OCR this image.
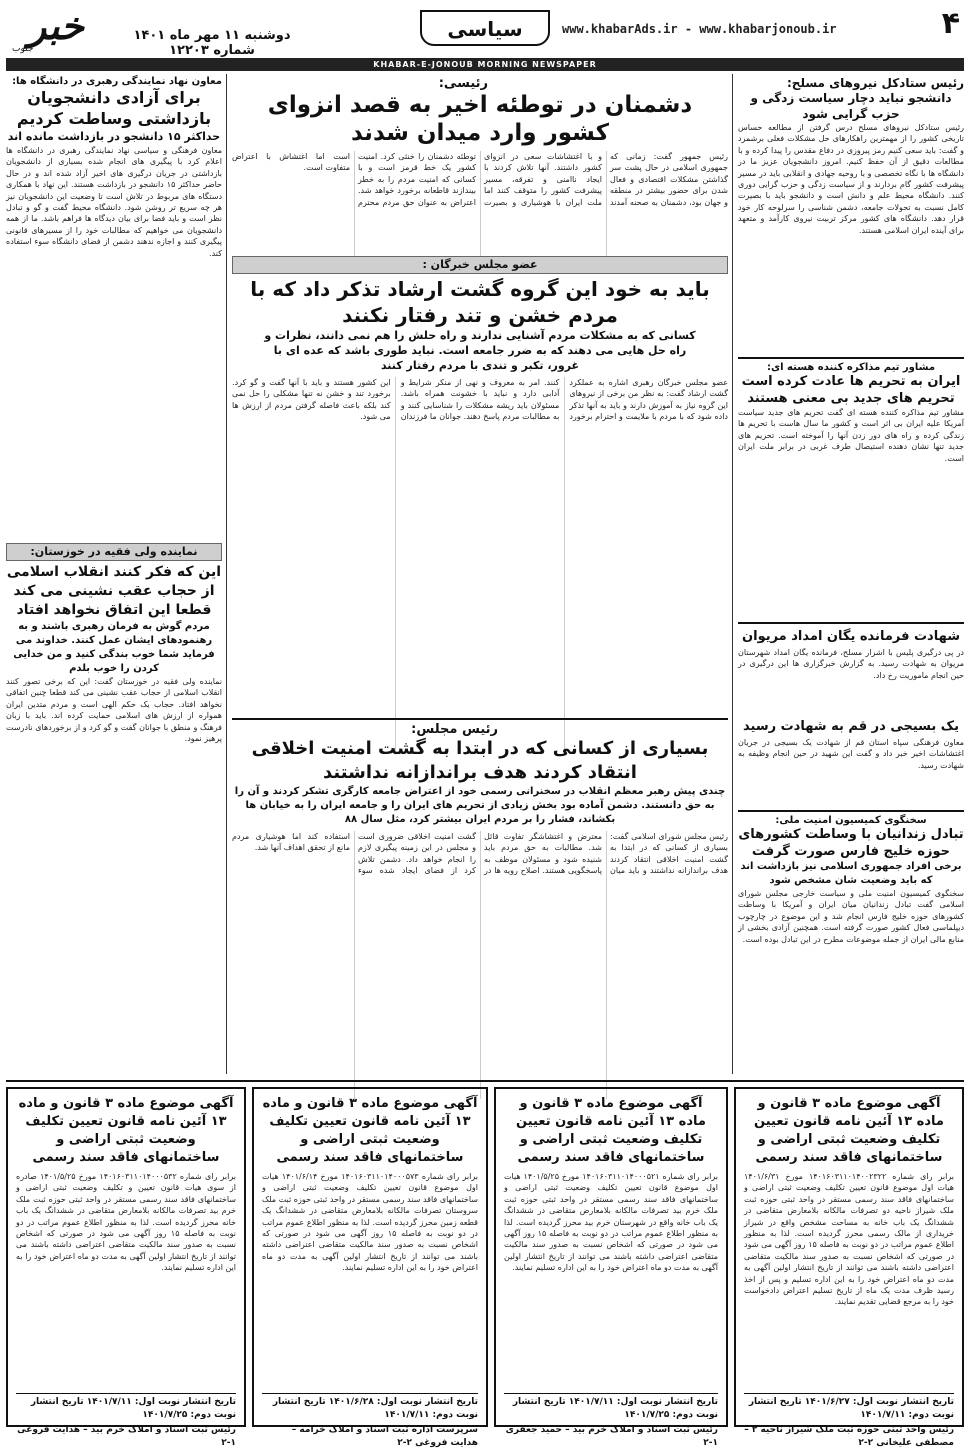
۴
www.khabarAds.ir - www.khabarjonoub.ir
سیاسی
دوشنبه ۱۱ مهر ماه ۱۴۰۱ شماره ۱۲۲۰۳
خبر
جنوب
KHABAR-E-JONOUB MORNING NEWSPAPER
رئیس ستادکل نیروهای مسلح:
دانشجو نباید دچار سیاست زدگی و حزب گرایی شود
رئیس ستادکل نیروهای مسلح درس گرفتن از مطالعه حساس تاریخی کشور را از مهمترین راهکارهای حل مشکلات فعلی برشمرد و گفت: باید سعی کنیم رمز پیروزی در دفاع مقدس را پیدا کرده و با مطالعات دقیق از آن حفظ کنیم. امروز دانشجویان عزیز ما در دانشگاه ها با نگاه تخصصی و با روحیه جهادی و انقلابی باید در مسیر پیشرفت کشور گام بردارند و از سیاست زدگی و حزب گرایی دوری کنند. دانشگاه محیط علم و دانش است و دانشجو باید با بصیرت کامل نسبت به تحولات جامعه، دشمن شناسی را سرلوحه کار خود قرار دهد. دانشگاه های کشور مرکز تربیت نیروی کارآمد و متعهد برای آینده ایران اسلامی هستند.
مشاور تیم مذاکره کننده هسته ای:
ایران به تحریم ها عادت کرده است تحریم های جدید بی معنی هستند
مشاور تیم مذاکره کننده هسته ای گفت تحریم های جدید سیاست آمریکا علیه ایران بی اثر است و کشور ما سال هاست با تحریم ها زندگی کرده و راه های دور زدن آنها را آموخته است. تحریم های جدید تنها نشان دهنده استیصال طرف غربی در برابر ملت ایران است.
شهادت فرمانده یگان امداد مریوان
در پی درگیری پلیس با اشرار مسلح، فرمانده یگان امداد شهرستان مریوان به شهادت رسید. به گزارش خبرگزاری ها این درگیری در حین انجام ماموریت رخ داد.
یک بسیجی در قم به شهادت رسید
معاون فرهنگی سپاه استان قم از شهادت یک بسیجی در جریان اغتشاشات اخیر خبر داد و گفت این شهید در حین انجام وظیفه به شهادت رسید.
سخنگوی کمیسیون امنیت ملی:
تبادل زندانیان با وساطت کشورهای حوزه خلیج فارس صورت گرفت
برخی افراد جمهوری اسلامی نیز بازداشت اند که باید وضعیت شان مشخص شود
سخنگوی کمیسیون امنیت ملی و سیاست خارجی مجلس شورای اسلامی گفت تبادل زندانیان میان ایران و آمریکا با وساطت کشورهای حوزه خلیج فارس انجام شد و این موضوع در چارچوب دیپلماسی فعال کشور صورت گرفته است. همچنین آزادی بخشی از منابع مالی ایران از جمله موضوعات مطرح در این تبادل بوده است.
رئیسی:
دشمنان در توطئه اخیر به قصد انزوای کشور وارد میدان شدند
رئیس جمهور گفت: زمانی که جمهوری اسلامی در حال پشت سر گذاشتن مشکلات اقتصادی و فعال شدن برای حضور بیشتر در منطقه و جهان بود، دشمنان به صحنه آمدند و با اغتشاشات سعی در انزوای کشور داشتند. آنها تلاش کردند با ایجاد ناامنی و تفرقه، مسیر پیشرفت کشور را متوقف کنند اما ملت ایران با هوشیاری و بصیرت توطئه دشمنان را خنثی کرد. امنیت کشور یک خط قرمز است و با کسانی که امنیت مردم را به خطر بیندازند قاطعانه برخورد خواهد شد. اعتراض به عنوان حق مردم محترم است اما اغتشاش با اعتراض متفاوت است.
عضو مجلس خبرگان :
باید به خود این گروه گشت ارشاد تذکر داد که با مردم خشن و تند رفتار نکنند
کسانی که به مشکلات مردم آشنایی ندارند و راه حلش را هم نمی دانند، نظرات و راه حل هایی می دهند که به ضرر جامعه است. نباید طوری باشد که عده ای با غرور، تکبر و تندی با مردم رفتار کنند
عضو مجلس خبرگان رهبری اشاره به عملکرد گشت ارشاد گفت: به نظر من برخی از نیروهای این گروه نیاز به آموزش دارند و باید به آنها تذکر داده شود که با مردم با ملایمت و احترام برخورد کنند. امر به معروف و نهی از منکر شرایط و آدابی دارد و نباید با خشونت همراه باشد. مسئولان باید ریشه مشکلات را شناسایی کنند و به مطالبات مردم پاسخ دهند. جوانان ما فرزندان این کشور هستند و باید با آنها گفت و گو کرد. برخورد تند و خشن نه تنها مشکلی را حل نمی کند بلکه باعث فاصله گرفتن مردم از ارزش ها می شود.
رئیس مجلس:
بسیاری از کسانی که در ابتدا به گشت امنیت اخلاقی انتقاد کردند هدف براندازانه نداشتند
چندی پیش رهبر معظم انقلاب در سخنرانی رسمی خود از اعتراض جامعه کارگری تشکر کردند و آن را به حق دانستند. دشمن آماده بود بخش زیادی از تحریم های ایران را و جامعه ایران را به خیابان ها بکشاند، فشار را بر مردم ایران بیشتر کرد، مثل سال ۸۸
رئیس مجلس شورای اسلامی گفت: بسیاری از کسانی که در ابتدا به گشت امنیت اخلاقی انتقاد کردند هدف براندازانه نداشتند و باید میان معترض و اغتشاشگر تفاوت قائل شد. مطالبات به حق مردم باید شنیده شود و مسئولان موظف به پاسخگویی هستند. اصلاح رویه ها در گشت امنیت اخلاقی ضروری است و مجلس در این زمینه پیگیری لازم را انجام خواهد داد. دشمن تلاش کرد از فضای ایجاد شده سوء استفاده کند اما هوشیاری مردم مانع از تحقق اهداف آنها شد.
معاون نهاد نمایندگی رهبری در دانشگاه ها:
برای آزادی دانشجویان بازداشتی وساطت کردیم
حداکثر ۱۵ دانشجو در بازداشت مانده اند
معاون فرهنگی و سیاسی نهاد نمایندگی رهبری در دانشگاه ها اعلام کرد با پیگیری های انجام شده بسیاری از دانشجویان بازداشتی در جریان درگیری های اخیر آزاد شده اند و در حال حاضر حداکثر ۱۵ دانشجو در بازداشت هستند. این نهاد با همکاری دستگاه های مربوط در تلاش است تا وضعیت این دانشجویان نیز هر چه سریع تر روشن شود. دانشگاه محیط گفت و گو و تبادل نظر است و باید فضا برای بیان دیدگاه ها فراهم باشد. ما از همه دانشجویان می خواهیم که مطالبات خود را از مسیرهای قانونی پیگیری کنند و اجازه ندهند دشمن از فضای دانشگاه سوء استفاده کند.
نماینده ولی فقیه در خوزستان:
این که فکر کنند انقلاب اسلامی از حجاب عقب نشینی می کند قطعا این اتفاق نخواهد افتاد
مردم گوش به فرمان رهبری باشند و به رهنمودهای ایشان عمل کنند. خداوند می فرماید شما خوب بندگی کنید و من خدایی کردن را خوب بلدم
نماینده ولی فقیه در خوزستان گفت: این که برخی تصور کنند انقلاب اسلامی از حجاب عقب نشینی می کند قطعا چنین اتفاقی نخواهد افتاد. حجاب یک حکم الهی است و مردم متدین ایران همواره از ارزش های اسلامی حمایت کرده اند. باید با زبان فرهنگ و منطق با جوانان گفت و گو کرد و از برخوردهای نادرست پرهیز نمود.
آگهی موضوع ماده ۳ قانون و ماده ۱۳ آئین نامه قانون تعیین تکلیف وضعیت ثبتی اراضی و ساختمانهای فاقد سند رسمی
برابر رای شماره ۱۴۰۱۶۰۳۱۱۰۱۴۰۰۲۳۲۲ مورخ ۱۴۰۱/۶/۳۱ هیات اول موضوع قانون تعیین تکلیف وضعیت ثبتی اراضی و ساختمانهای فاقد سند رسمی مستقر در واحد ثبتی حوزه ثبت ملک شیراز ناحیه دو تصرفات مالکانه بلامعارض متقاضی در ششدانگ یک باب خانه به مساحت مشخص واقع در شیراز خریداری از مالک رسمی محرز گردیده است. لذا به منظور اطلاع عموم مراتب در دو نوبت به فاصله ۱۵ روز آگهی می شود در صورتی که اشخاص نسبت به صدور سند مالکیت متقاضی اعتراضی داشته باشند می توانند از تاریخ انتشار اولین آگهی به مدت دو ماه اعتراض خود را به این اداره تسلیم و پس از اخذ رسید ظرف مدت یک ماه از تاریخ تسلیم اعتراض دادخواست خود را به مرجع قضایی تقدیم نمایند.
تاریخ انتشار نوبت اول: ۱۴۰۱/۶/۲۷ تاریخ انتشار نوبت دوم: ۱۴۰۱/۷/۱۱
رئیس واحد ثبتی حوزه ثبت ملک شیراز ناحیه ۲ – مصطفی علیخانی ۲-۲
آگهی موضوع ماده ۳ قانون و ماده ۱۳ آئین نامه قانون تعیین تکلیف وضعیت ثبتی اراضی و ساختمانهای فاقد سند رسمی
برابر رای شماره ۱۴۰۱۶۰۳۱۱۰۱۴۰۰۰۵۲۱ مورخ ۱۴۰۱/۵/۲۵ هیات اول موضوع قانون تعیین تکلیف وضعیت ثبتی اراضی و ساختمانهای فاقد سند رسمی مستقر در واحد ثبتی حوزه ثبت ملک خرم بید تصرفات مالکانه بلامعارض متقاضی در ششدانگ یک باب خانه واقع در شهرستان خرم بید محرز گردیده است. لذا به منظور اطلاع عموم مراتب در دو نوبت به فاصله ۱۵ روز آگهی می شود در صورتی که اشخاص نسبت به صدور سند مالکیت متقاضی اعتراضی داشته باشند می توانند از تاریخ انتشار اولین آگهی به مدت دو ماه اعتراض خود را به این اداره تسلیم نمایند.
تاریخ انتشار نوبت اول: ۱۴۰۱/۷/۱۱ تاریخ انتشار نوبت دوم: ۱۴۰۱/۷/۲۵
رئیس ثبت اسناد و املاک خرم بید – حمید جعفری ۱-۲
آگهی موضوع ماده ۳ قانون و ماده ۱۳ آئین نامه قانون تعیین تکلیف وضعیت ثبتی اراضی و ساختمانهای فاقد سند رسمی
برابر رای شماره ۱۴۰۱۶۰۳۱۱۰۱۴۰۰۰۵۷۳ مورخ ۱۴۰۱/۶/۱۴ هیات اول موضوع قانون تعیین تکلیف وضعیت ثبتی اراضی و ساختمانهای فاقد سند رسمی مستقر در واحد ثبتی حوزه ثبت ملک سروستان تصرفات مالکانه بلامعارض متقاضی در ششدانگ یک قطعه زمین محرز گردیده است. لذا به منظور اطلاع عموم مراتب در دو نوبت به فاصله ۱۵ روز آگهی می شود در صورتی که اشخاص نسبت به صدور سند مالکیت متقاضی اعتراضی داشته باشند می توانند از تاریخ انتشار اولین آگهی به مدت دو ماه اعتراض خود را به این اداره تسلیم نمایند.
تاریخ انتشار نوبت اول: ۱۴۰۱/۶/۲۸ تاریخ انتشار نوبت دوم: ۱۴۰۱/۷/۱۱
سرپرست اداره ثبت اسناد و املاک خرامه – هدایت فروغی ۲-۲
آگهی موضوع ماده ۳ قانون و ماده ۱۳ آئین نامه قانون تعیین تکلیف وضعیت ثبتی اراضی و ساختمانهای فاقد سند رسمی
برابر رای شماره ۱۴۰۱۶۰۳۱۱۰۱۴۰۰۰۵۳۲ مورخ ۱۴۰۱/۵/۲۵ صادره از سوی هیات قانون تعیین و تکلیف وضعیت ثبتی اراضی و ساختمانهای فاقد سند رسمی مستقر در واحد ثبتی حوزه ثبت ملک خرم بید تصرفات مالکانه بلامعارض متقاضی در ششدانگ یک باب خانه محرز گردیده است. لذا به منظور اطلاع عموم مراتب در دو نوبت به فاصله ۱۵ روز آگهی می شود در صورتی که اشخاص نسبت به صدور سند مالکیت متقاضی اعتراضی داشته باشند می توانند از تاریخ انتشار اولین آگهی به مدت دو ماه اعتراض خود را به این اداره تسلیم نمایند.
تاریخ انتشار نوبت اول: ۱۴۰۱/۷/۱۱ تاریخ انتشار نوبت دوم: ۱۴۰۱/۷/۲۵
رئیس ثبت اسناد و املاک خرم بید – هدایت فروغی ۱-۲
